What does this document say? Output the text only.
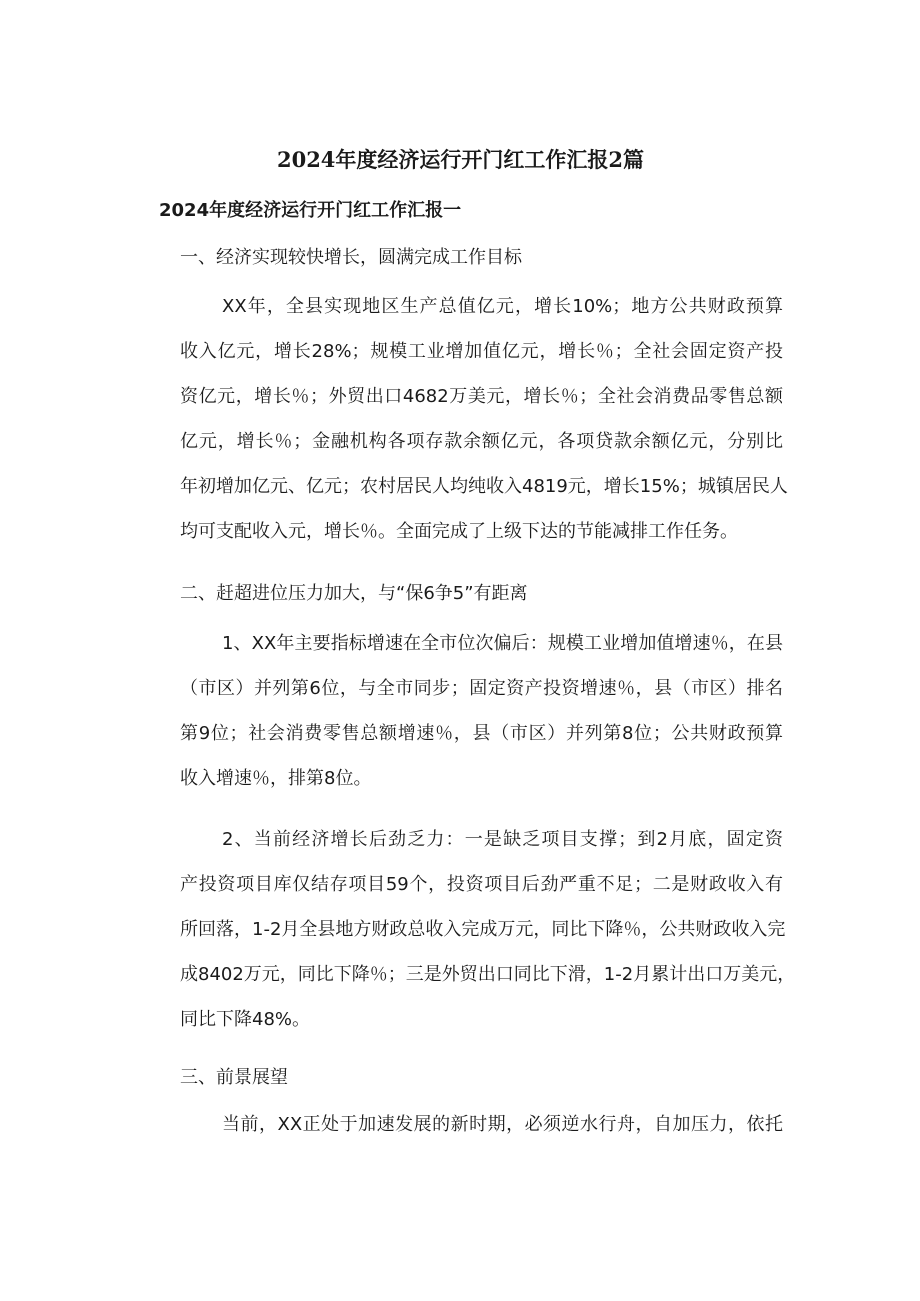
2024年度经济运行开门红工作汇报2篇
2024年度经济运行开门红工作汇报一

一、经济实现较快增长，圆满完成工作目标

XX年，全县实现地区生产总值亿元，增长10%；地方公共财政预算
收入亿元，增长28%；规模工业增加值亿元，增长％；全社会固定资产投
资亿元，增长％；外贸出口4682万美元，增长％；全社会消费品零售总额
亿元，增长％；金融机构各项存款余额亿元，各项贷款余额亿元，分别比
年初增加亿元、亿元；农村居民人均纯收入4819元，增长15%；城镇居民人
均可支配收入元，增长％。全面完成了上级下达的节能减排工作任务。

二、赶超进位压力加大，与“保6争5”有距离

1、XX年主要指标增速在全市位次偏后：规模工业增加值增速％，在县
（市区）并列第6位，与全市同步；固定资产投资增速％，县（市区）排名
第9位；社会消费零售总额增速％，县（市区）并列第8位；公共财政预算
收入增速％，排第8位。
2、当前经济增长后劲乏力：一是缺乏项目支撑；到2月底，固定资
产投资项目库仅结存项目59个，投资项目后劲严重不足；二是财政收入有
所回落，1-2月全县地方财政总收入完成万元，同比下降％，公共财政收入完
成8402万元，同比下降％；三是外贸出口同比下滑，1-2月累计出口万美元，
同比下降48%。

三、前景展望

当前，XX正处于加速发展的新时期，必须逆水行舟，自加压力，依托
